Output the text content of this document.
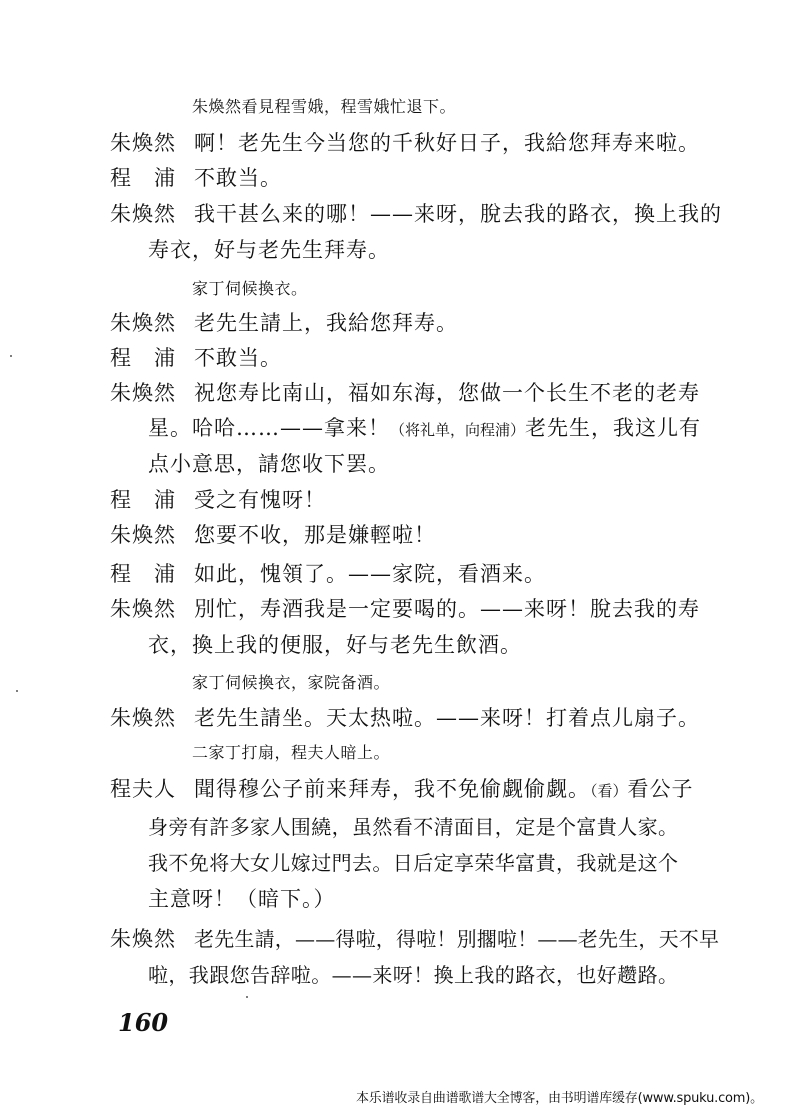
朱煥然看見程雪娥，程雪娥忙退下。
朱煥然 啊！老先生今当您的千秋好日子，我給您拜寿来啦。
程　浦 不敢当。
朱煥然 我干甚么来的哪！——来呀，脫去我的路衣，換上我的
寿衣，好与老先生拜寿。
家丁伺候換衣。
朱煥然 老先生請上，我給您拜寿。
程　浦 不敢当。
朱煥然 祝您寿比南山，福如东海，您做一个长生不老的老寿
星。哈哈……——拿来！（将礼单，向程浦）老先生，我这儿有
点小意思，請您收下罢。
程　浦 受之有愧呀！
朱煥然 您要不收，那是嫌輕啦！
程　浦 如此，愧領了。——家院，看酒来。
朱煥然 別忙，寿酒我是一定要喝的。——来呀！脫去我的寿
衣，換上我的便服，好与老先生飲酒。
家丁伺候換衣，家院备酒。
朱煥然 老先生請坐。天太热啦。——来呀！打着点儿扇子。
二家丁打扇，程夫人暗上。
程夫人 聞得穆公子前来拜寿，我不免偷觑偷觑。（看）看公子
身旁有許多家人围繞，虽然看不清面目，定是个富貴人家。
我不免将大女儿嫁过門去。日后定享荣华富貴，我就是这个
主意呀！（暗下。）
朱煥然 老先生請，——得啦，得啦！別擱啦！——老先生，天不早
啦，我跟您告辞啦。——来呀！換上我的路衣，也好趱路。
160
本乐谱收录自曲谱歌谱大全博客，由书明谱库缓存(www.spuku.com)。
